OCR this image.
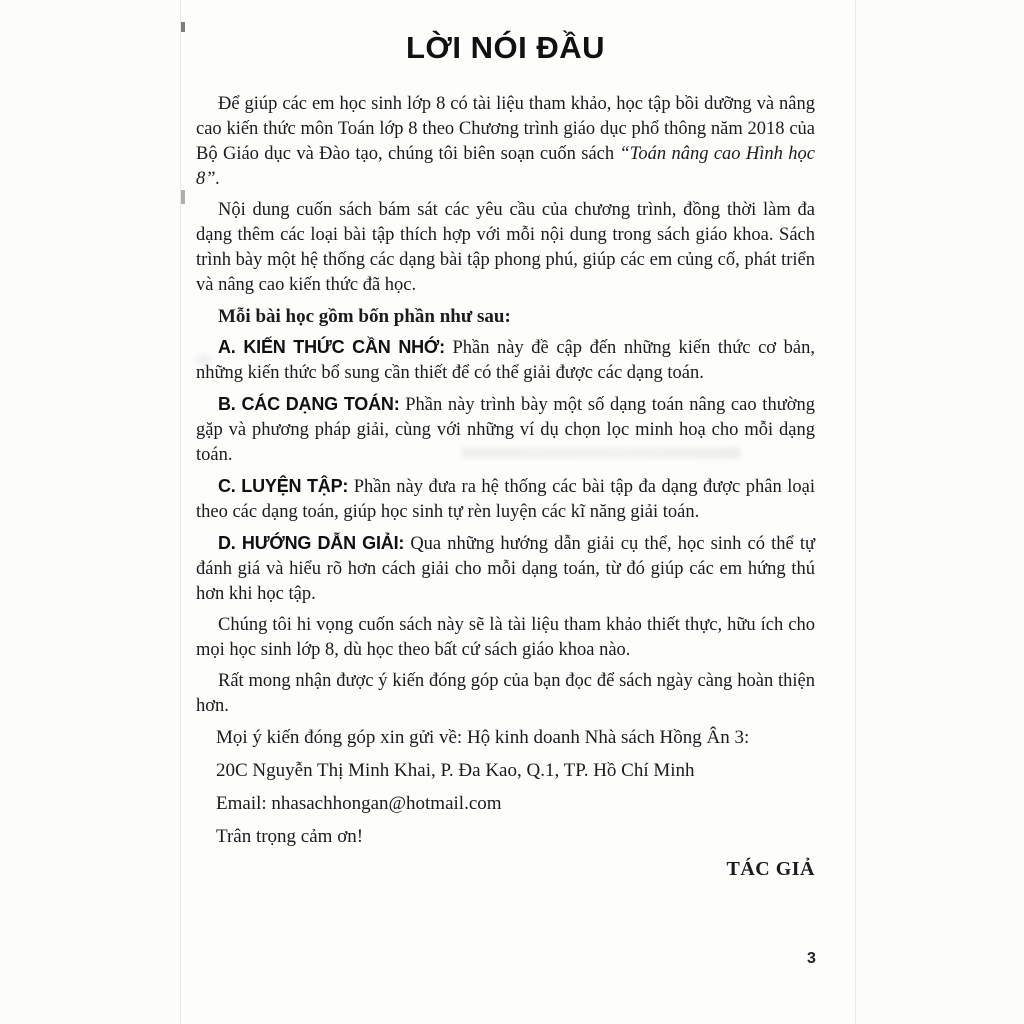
LỜI NÓI ĐẦU

Để giúp các em học sinh lớp 8 có tài liệu tham khảo, học tập bồi dưỡng và nâng cao kiến thức môn Toán lớp 8 theo Chương trình giáo dục phổ thông năm 2018 của Bộ Giáo dục và Đào tạo, chúng tôi biên soạn cuốn sách “Toán nâng cao Hình học 8”.

Nội dung cuốn sách bám sát các yêu cầu của chương trình, đồng thời làm đa dạng thêm các loại bài tập thích hợp với mỗi nội dung trong sách giáo khoa. Sách trình bày một hệ thống các dạng bài tập phong phú, giúp các em củng cố, phát triển và nâng cao kiến thức đã học.

Mỗi bài học gồm bốn phần như sau:

A. KIẾN THỨC CẦN NHỚ: Phần này đề cập đến những kiến thức cơ bản, những kiến thức bổ sung cần thiết để có thể giải được các dạng toán.

B. CÁC DẠNG TOÁN: Phần này trình bày một số dạng toán nâng cao thường gặp và phương pháp giải, cùng với những ví dụ chọn lọc minh hoạ cho mỗi dạng toán.

C. LUYỆN TẬP: Phần này đưa ra hệ thống các bài tập đa dạng được phân loại theo các dạng toán, giúp học sinh tự rèn luyện các kĩ năng giải toán.

D. HƯỚNG DẪN GIẢI: Qua những hướng dẫn giải cụ thể, học sinh có thể tự đánh giá và hiểu rõ hơn cách giải cho mỗi dạng toán, từ đó giúp các em hứng thú hơn khi học tập.

Chúng tôi hi vọng cuốn sách này sẽ là tài liệu tham khảo thiết thực, hữu ích cho mọi học sinh lớp 8, dù học theo bất cứ sách giáo khoa nào.

Rất mong nhận được ý kiến đóng góp của bạn đọc để sách ngày càng hoàn thiện hơn.

Mọi ý kiến đóng góp xin gửi về: Hộ kinh doanh Nhà sách Hồng Ân 3:

20C Nguyễn Thị Minh Khai, P. Đa Kao, Q.1, TP. Hồ Chí Minh

Email: nhasachhongan@hotmail.com

Trân trọng cảm ơn!

TÁC GIẢ

3
